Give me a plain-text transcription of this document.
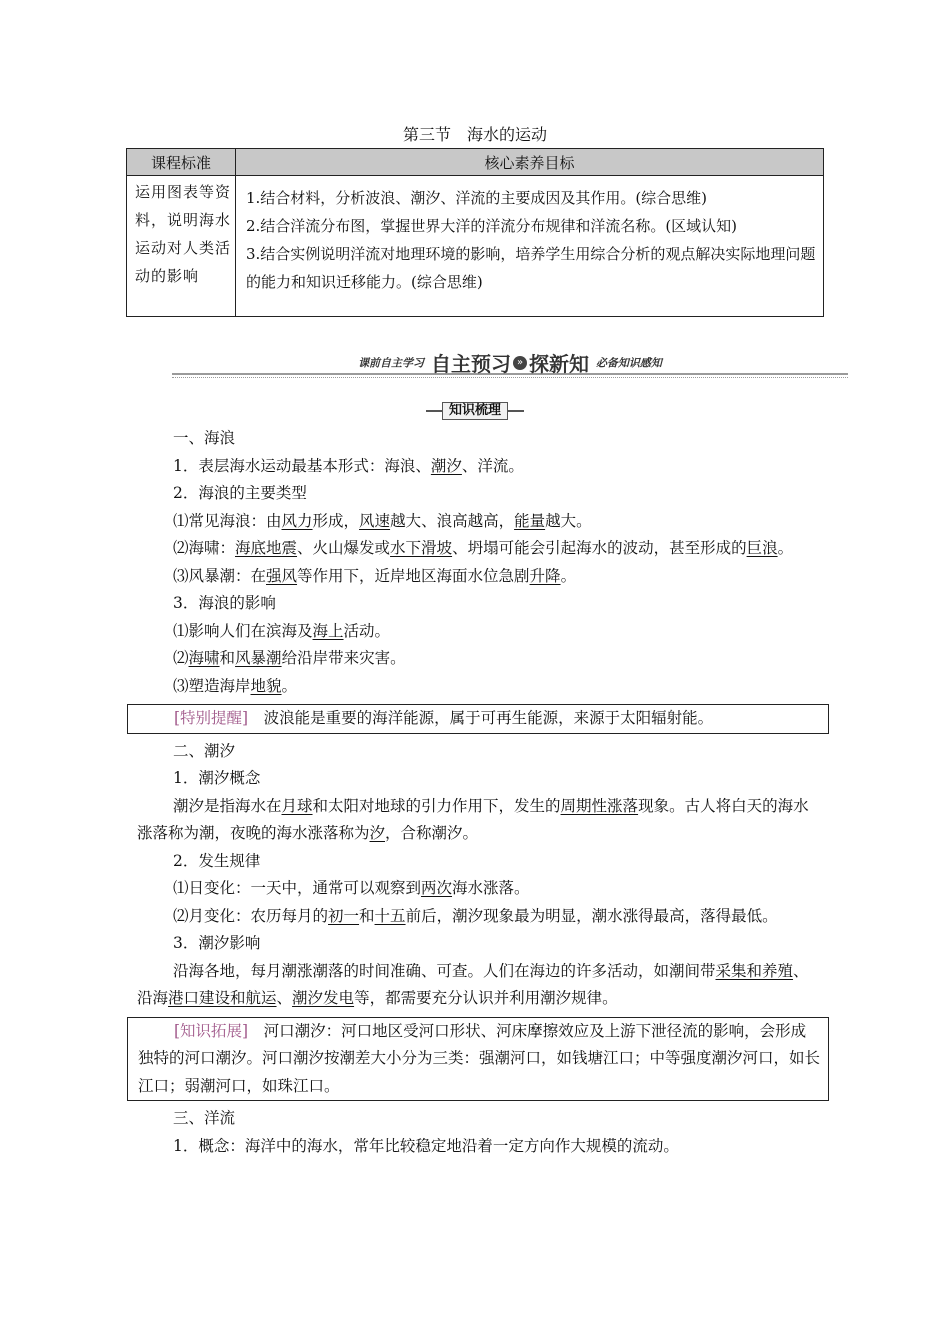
第三节　海水的运动
课程标准	核心素养目标
运用图表等资料，说明海水运动对人类活动的影响	1.结合材料，分析波浪、潮汐、洋流的主要成因及其作用。(综合思维)
2.结合洋流分布图，掌握世界大洋的洋流分布规律和洋流名称。(区域认知)
3.结合实例说明洋流对地理环境的影响，培养学生用综合分析的观点解决实际地理问题的能力和知识迁移能力。(综合思维)
课前自主学习 自主预习 » 探新知 必备知识感知
知识梳理

一、海浪

1．表层海水运动最基本形式：海浪、潮汐、洋流。

2．海浪的主要类型

⑴常见海浪：由风力形成，风速越大、浪高越高，能量越大。

⑵海啸：海底地震、火山爆发或水下滑坡、坍塌可能会引起海水的波动，甚至形成的巨浪。

⑶风暴潮：在强风等作用下，近岸地区海面水位急剧升降。

3．海浪的影响

⑴影响人们在滨海及海上活动。

⑵海啸和风暴潮给沿岸带来灾害。

⑶塑造海岸地貌。

[特别提醒]　波浪能是重要的海洋能源，属于可再生能源，来源于太阳辐射能。

二、潮汐

1．潮汐概念

潮汐是指海水在月球和太阳对地球的引力作用下，发生的周期性涨落现象。古人将白天的海水涨落称为潮，夜晚的海水涨落称为汐，合称潮汐。

2．发生规律

⑴日变化：一天中，通常可以观察到两次海水涨落。

⑵月变化：农历每月的初一和十五前后，潮汐现象最为明显，潮水涨得最高，落得最低。

3．潮汐影响

沿海各地，每月潮涨潮落的时间准确、可查。人们在海边的许多活动，如潮间带采集和养殖、沿海港口建设和航运、潮汐发电等，都需要充分认识并利用潮汐规律。

[知识拓展]　河口潮汐：河口地区受河口形状、河床摩擦效应及上游下泄径流的影响，会形成独特的河口潮汐。河口潮汐按潮差大小分为三类：强潮河口，如钱塘江口；中等强度潮汐河口，如长江口；弱潮河口，如珠江口。

三、洋流

1．概念：海洋中的海水，常年比较稳定地沿着一定方向作大规模的流动。
